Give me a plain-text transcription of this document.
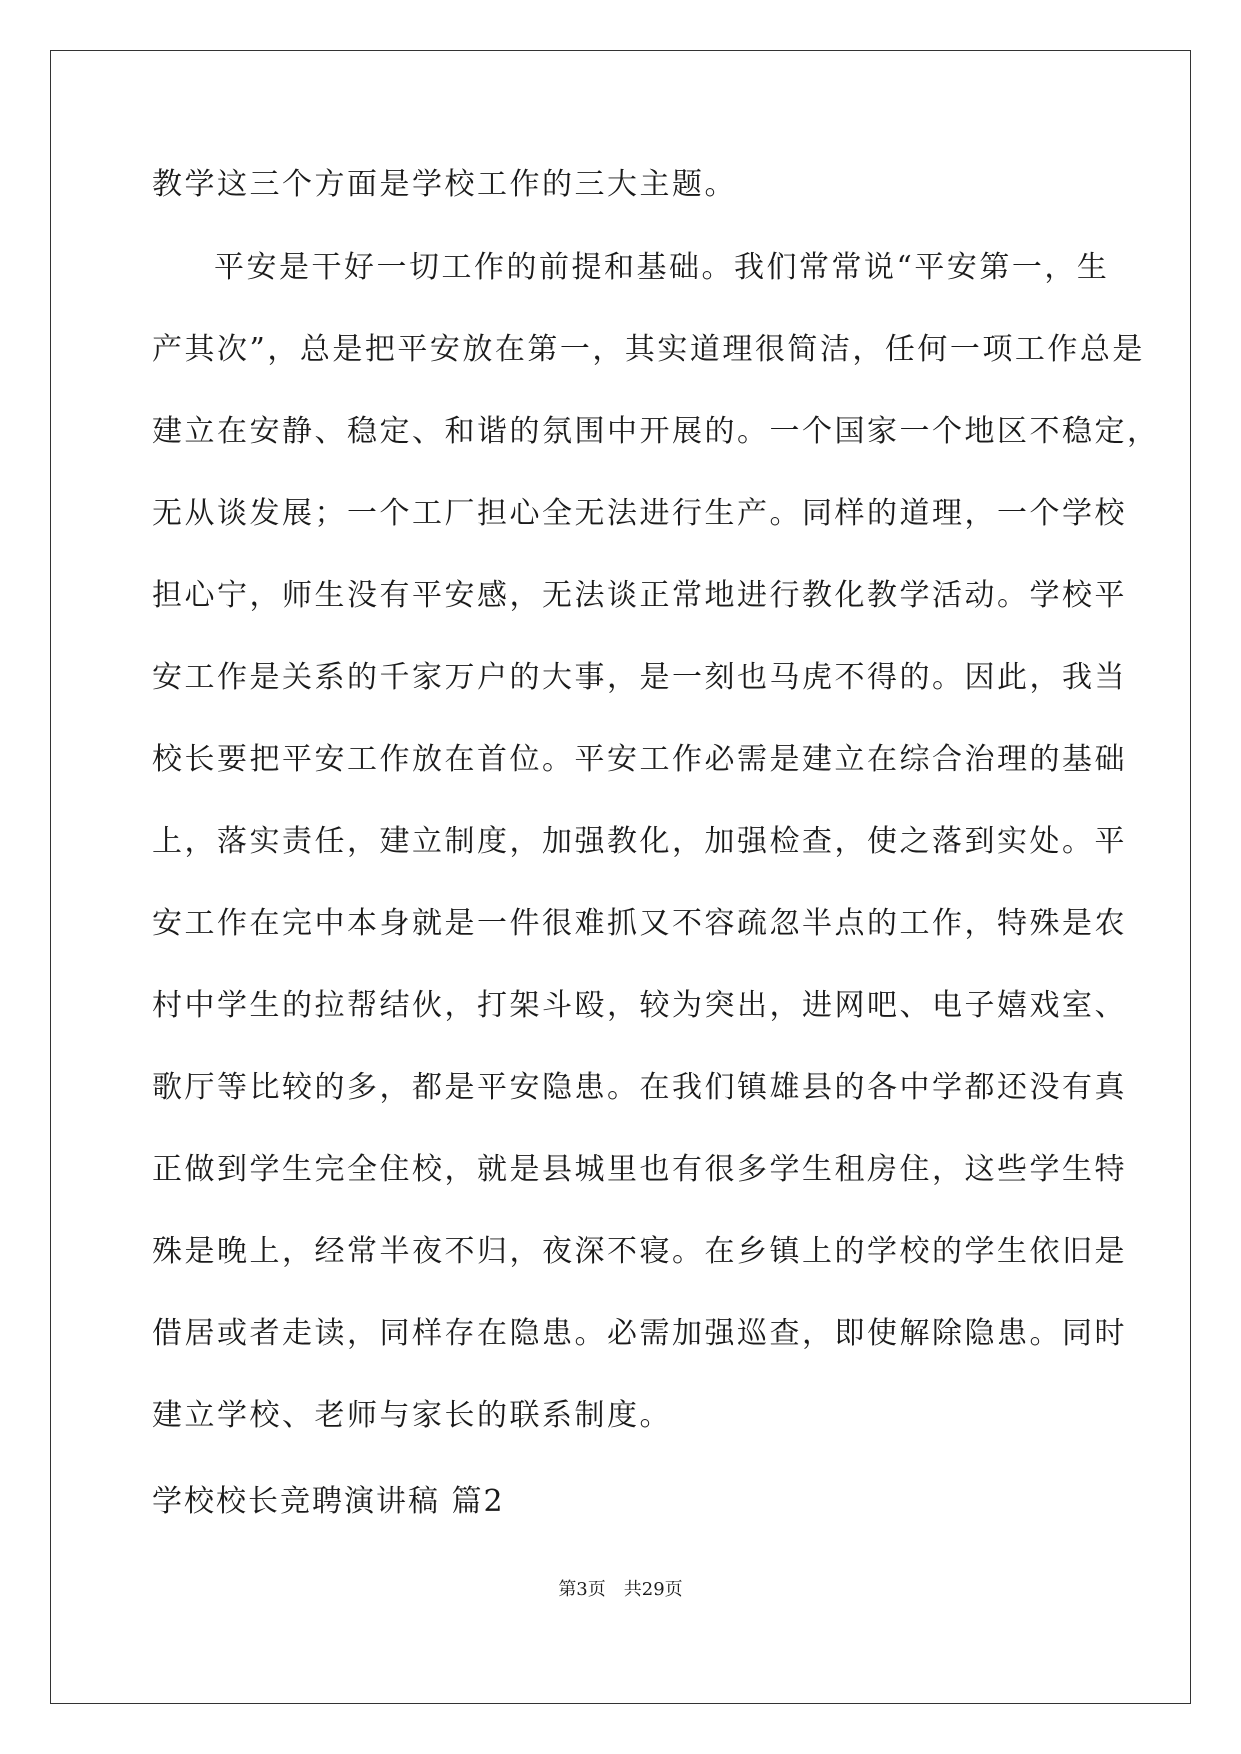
教学这三个方面是学校工作的三大主题。
平安是干好一切工作的前提和基础。我们常常说“平安第一，生
产其次”，总是把平安放在第一，其实道理很简洁，任何一项工作总是
建立在安静、稳定、和谐的氛围中开展的。一个国家一个地区不稳定，
无从谈发展；一个工厂担心全无法进行生产。同样的道理，一个学校
担心宁，师生没有平安感，无法谈正常地进行教化教学活动。学校平
安工作是关系的千家万户的大事，是一刻也马虎不得的。因此，我当
校长要把平安工作放在首位。平安工作必需是建立在综合治理的基础
上，落实责任，建立制度，加强教化，加强检查，使之落到实处。平
安工作在完中本身就是一件很难抓又不容疏忽半点的工作，特殊是农
村中学生的拉帮结伙，打架斗殴，较为突出，进网吧、电子嬉戏室、
歌厅等比较的多，都是平安隐患。在我们镇雄县的各中学都还没有真
正做到学生完全住校，就是县城里也有很多学生租房住，这些学生特
殊是晚上，经常半夜不归，夜深不寝。在乡镇上的学校的学生依旧是
借居或者走读，同样存在隐患。必需加强巡查，即使解除隐患。同时
建立学校、老师与家长的联系制度。
学校校长竞聘演讲稿 篇2
第3页　共29页
